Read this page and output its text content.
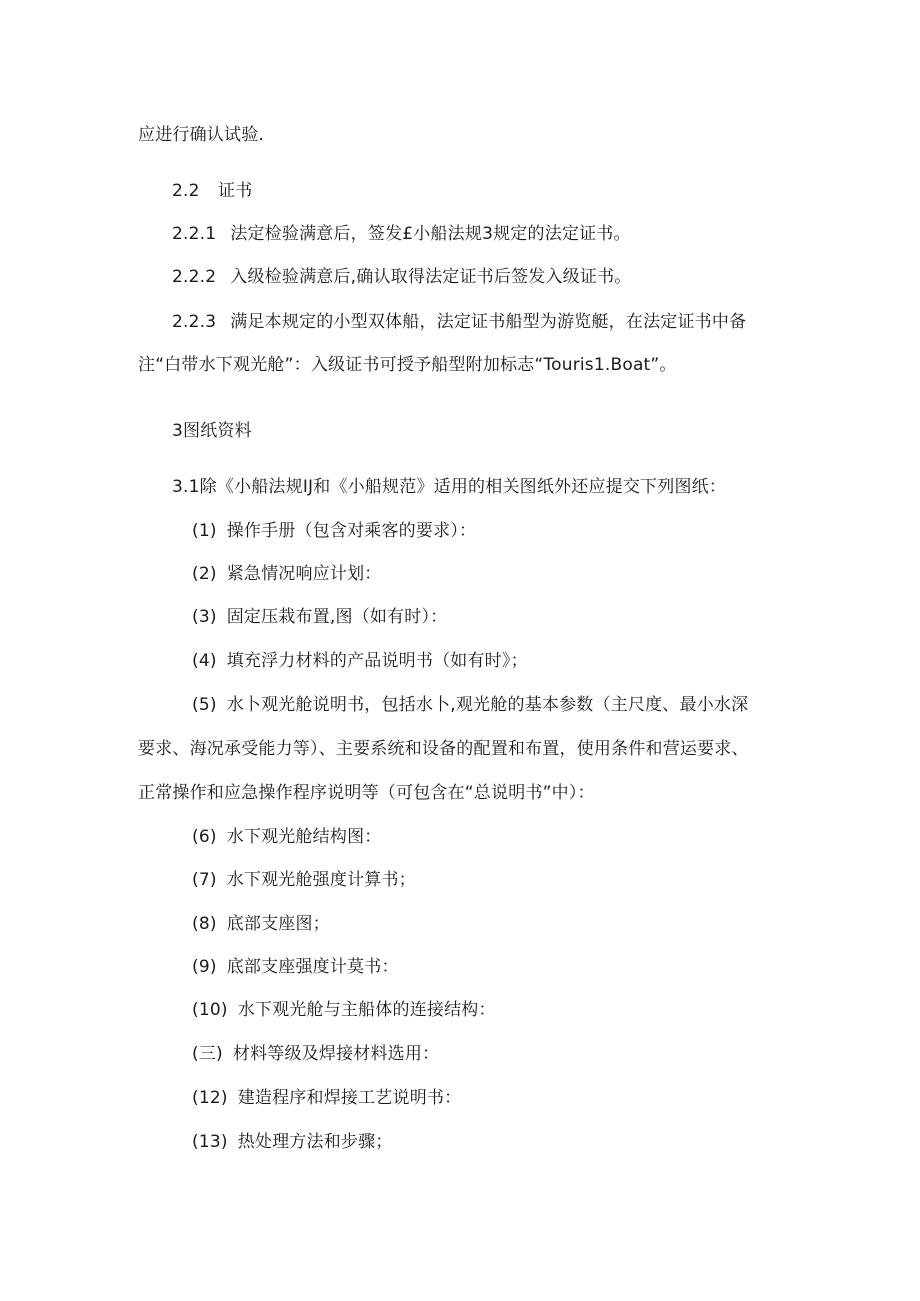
应进行确认试验.
2.2 证书
2.2.1 法定检验满意后，签发£小船法规3规定的法定证书。
2.2.2 入级检验满意后,确认取得法定证书后签发入级证书。
2.2.3 满足本规定的小型双体船，法定证书船型为游览艇，在法定证书中备
注“白带水下观光舱”：入级证书可授予船型附加标志“Touris1.Boat”。
3图纸资料
3.1除《小船法规IJ和《小船规范》适用的相关图纸外还应提交下列图纸：
(1) 操作手册（包含对乘客的要求）：
(2) 紧急情况响应计划：
(3) 固定压栽布置,图（如有时）：
(4) 填充浮力材料的产品说明书（如有时》；
(5) 水卜观光舱说明书，包括水卜,观光舱的基本参数（主尺度、最小水深
要求、海况承受能力等）、主要系统和设备的配置和布置，使用条件和营运要求、
正常操作和应急操作程序说明等（可包含在“总说明书”中）：
(6) 水下观光舱结构图：
(7) 水下观光舱强度计算书；
(8) 底部支座图；
(9) 底部支座强度计莫书：
(10) 水下观光舱与主船体的连接结构：
(三) 材料等级及焊接材料选用：
(12) 建造程序和焊接工艺说明书：
(13) 热处理方法和步骤；
